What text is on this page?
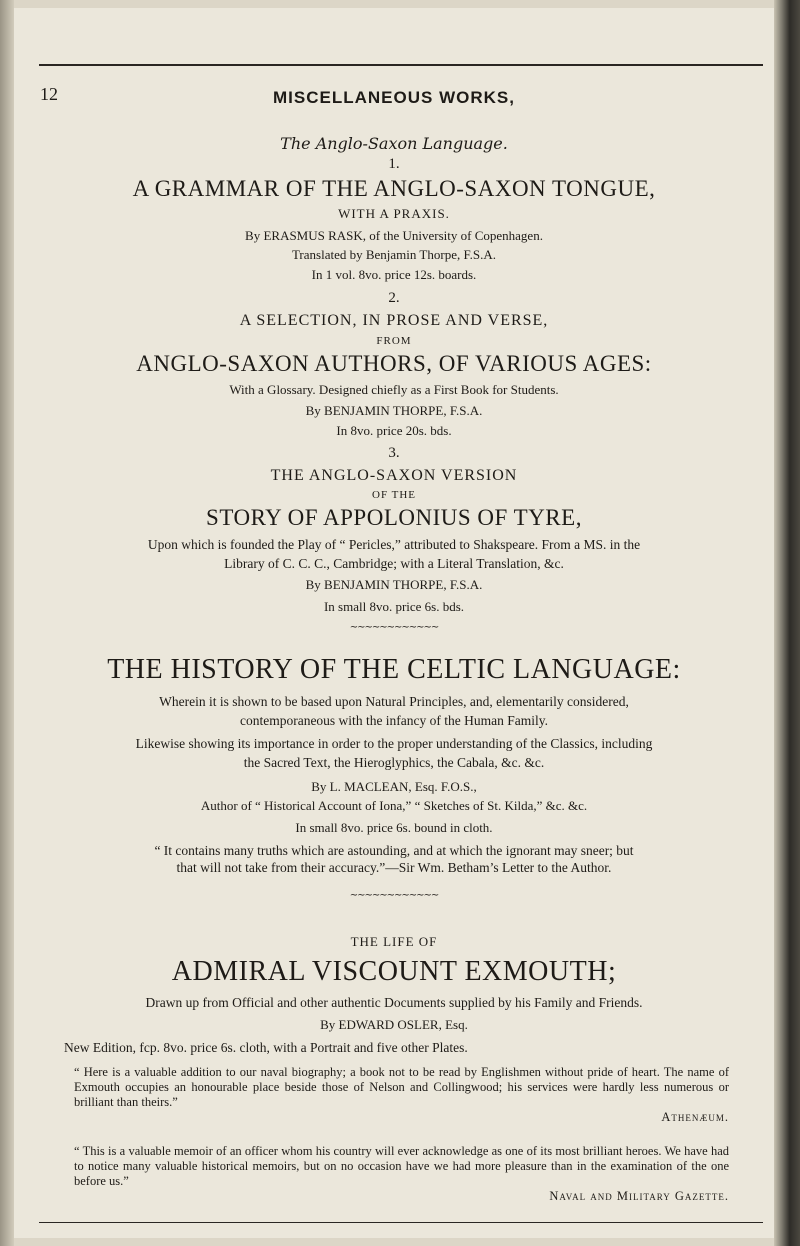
12	MISCELLANEOUS WORKS,
The Anglo-Saxon Language.
1.
A GRAMMAR OF THE ANGLO-SAXON TONGUE,
WITH A PRAXIS.
By ERASMUS RASK, of the University of Copenhagen.
Translated by Benjamin Thorpe, F.S.A.
In 1 vol. 8vo. price 12s. boards.
2.
A SELECTION, IN PROSE AND VERSE,
FROM
ANGLO-SAXON AUTHORS, OF VARIOUS AGES:
With a Glossary. Designed chiefly as a First Book for Students.
By BENJAMIN THORPE, F.S.A.
In 8vo. price 20s. bds.
3.
THE ANGLO-SAXON VERSION
OF THE
STORY OF APPOLONIUS OF TYRE,
Upon which is founded the Play of “ Pericles,” attributed to Shakspeare. From a MS. in the
Library of C. C. C., Cambridge; with a Literal Translation, &c.
By BENJAMIN THORPE, F.S.A.
In small 8vo. price 6s. bds.
∼∼∼∼∼∼∼∼∼∼∼∼
THE HISTORY OF THE CELTIC LANGUAGE:
Wherein it is shown to be based upon Natural Principles, and, elementarily considered,
contemporaneous with the infancy of the Human Family.
Likewise showing its importance in order to the proper understanding of the Classics, including
the Sacred Text, the Hieroglyphics, the Cabala, &c. &c.
By L. MACLEAN, Esq. F.O.S.,
Author of “ Historical Account of Iona,” “ Sketches of St. Kilda,” &c. &c.
In small 8vo. price 6s. bound in cloth.
“ It contains many truths which are astounding, and at which the ignorant may sneer; but
that will not take from their accuracy.”—Sir Wm. Betham’s Letter to the Author.
∼∼∼∼∼∼∼∼∼∼∼∼
THE LIFE OF
ADMIRAL VISCOUNT EXMOUTH;
Drawn up from Official and other authentic Documents supplied by his Family and Friends.
By EDWARD OSLER, Esq.
New Edition, fcp. 8vo. price 6s. cloth, with a Portrait and five other Plates.
“ Here is a valuable addition to our naval biography; a book not to be read by Englishmen without pride of heart. The name of Exmouth occupies an honourable place beside those of Nelson and Collingwood; his services were hardly less numerous or brilliant than theirs.”
Athenæum.
“ This is a valuable memoir of an officer whom his country will ever acknowledge as one of its most brilliant heroes. We have had to notice many valuable historical memoirs, but on no occasion have we had more pleasure than in the examination of the one before us.”
Naval and Military Gazette.
